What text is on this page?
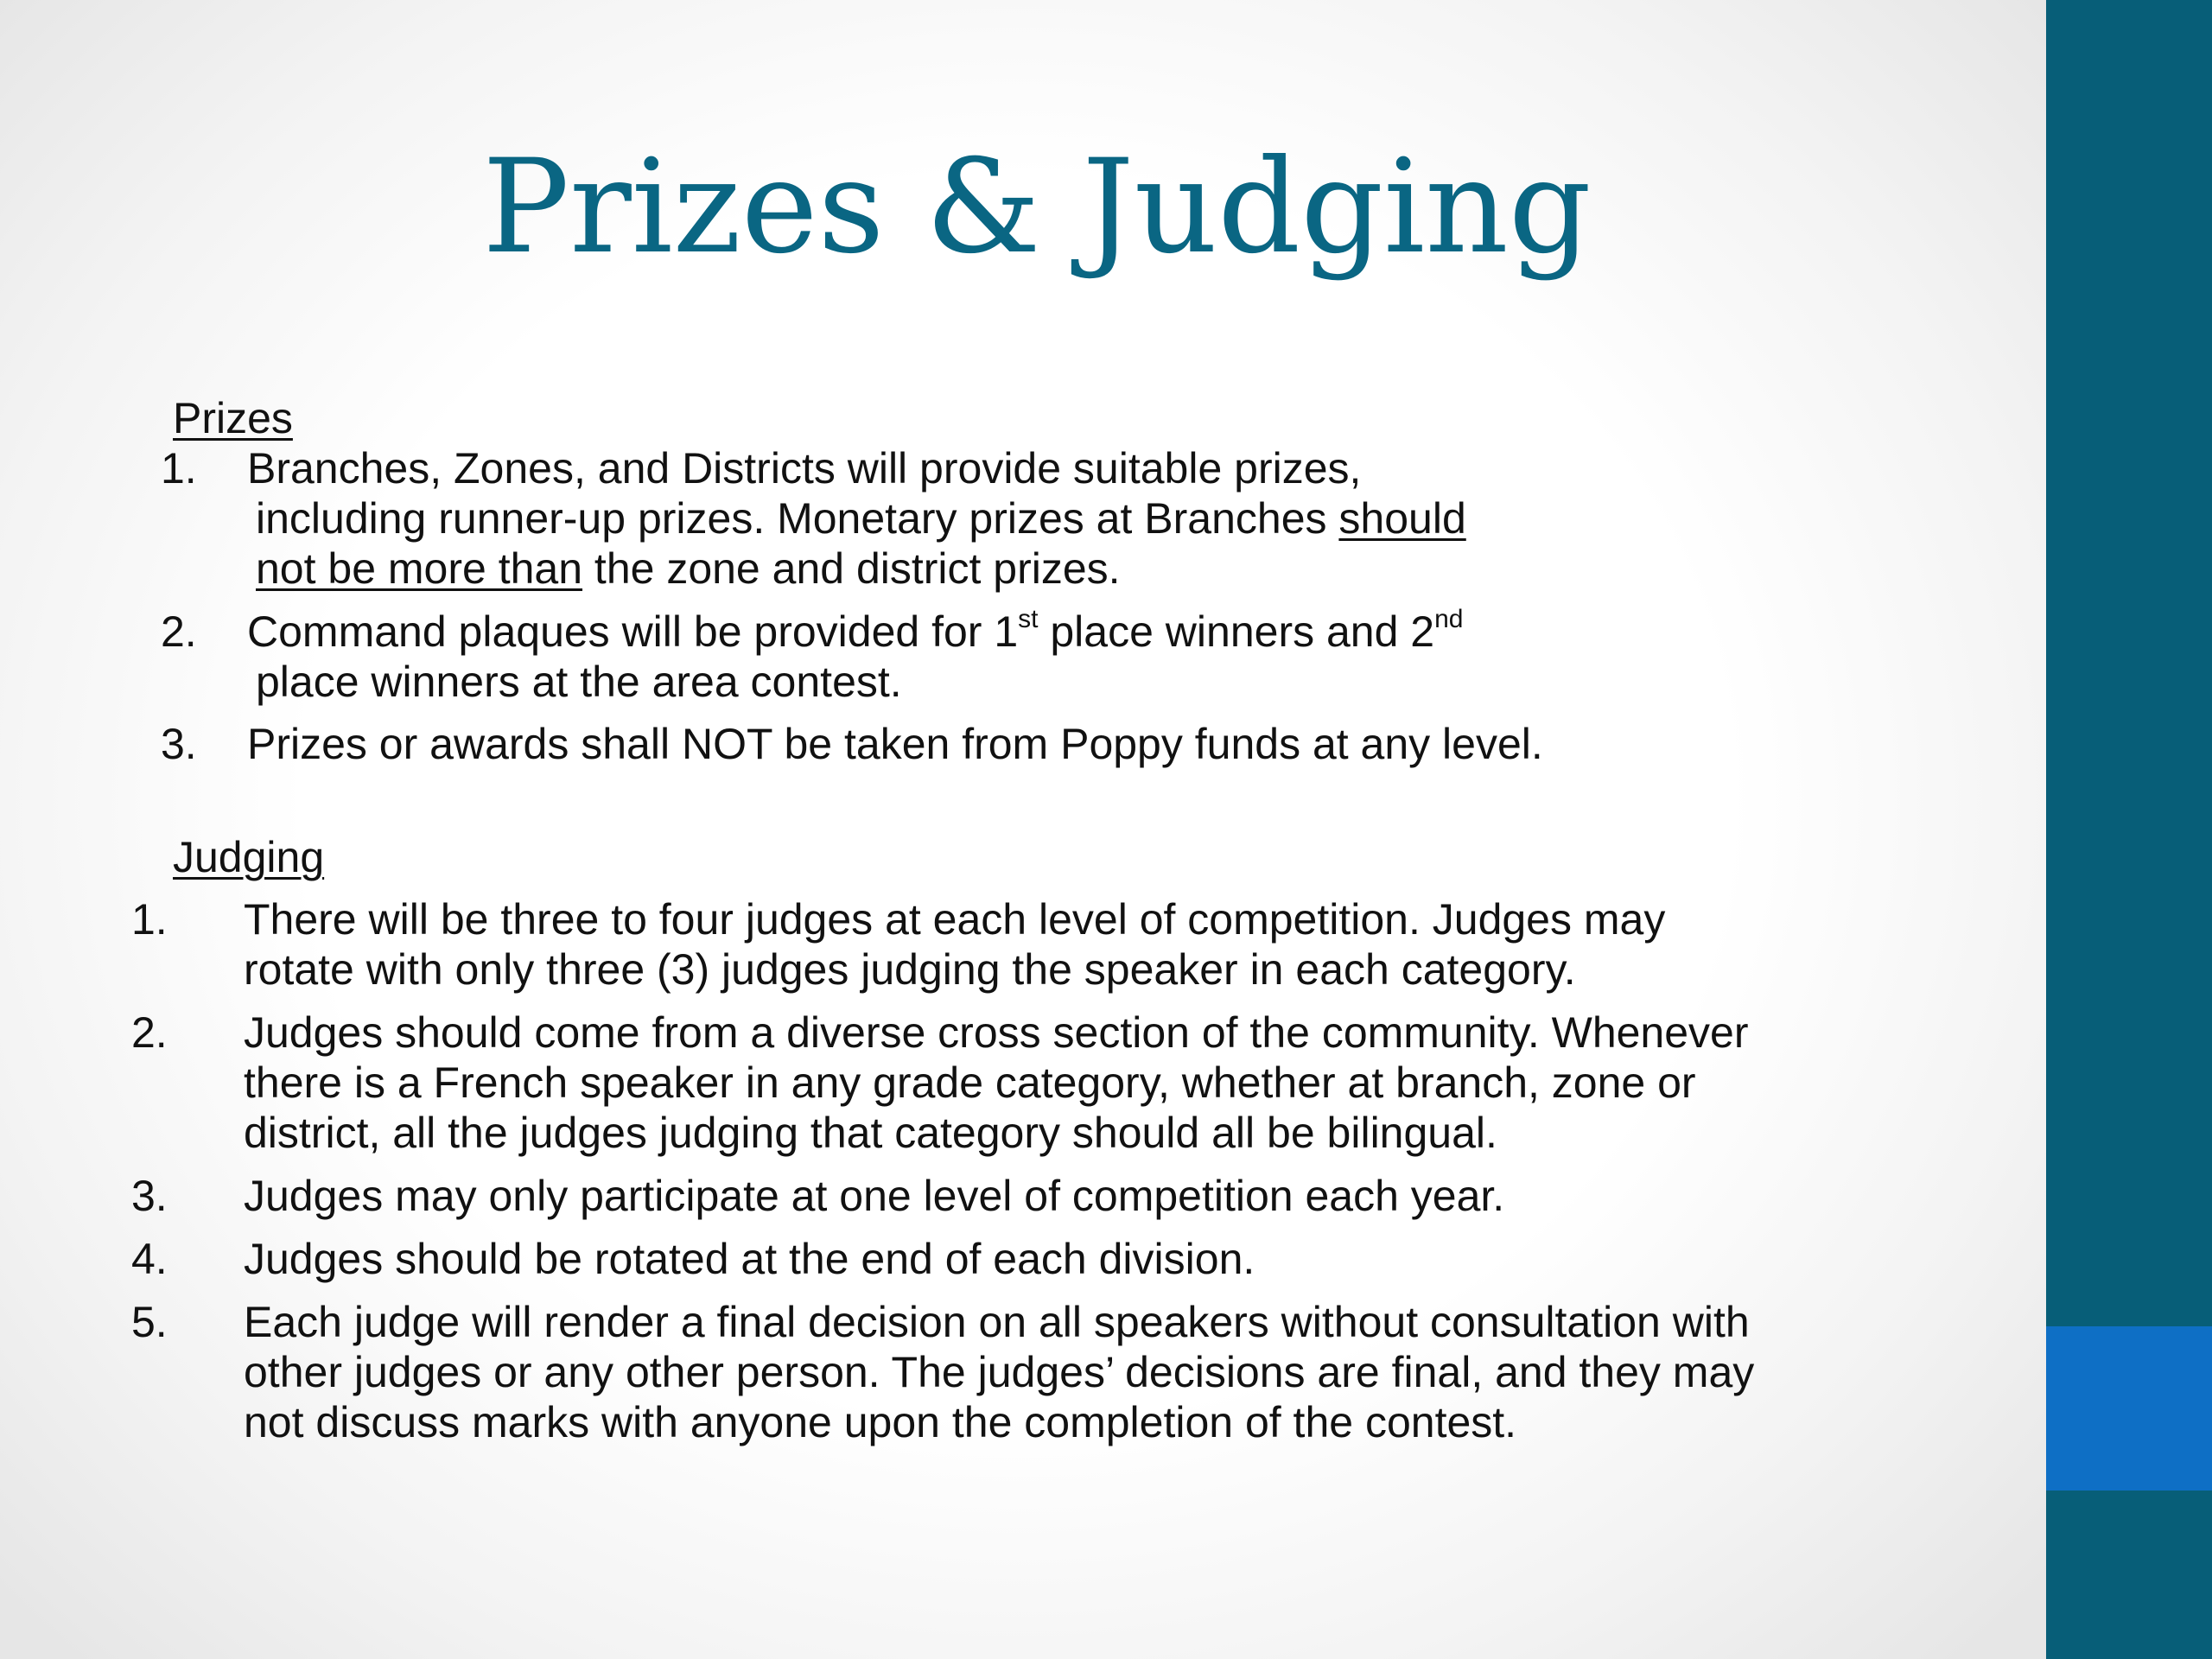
Prizes & Judging
Prizes
1. Branches, Zones, and Districts will provide suitable prizes,
including runner-up prizes. Monetary prizes at Branches should
not be more than the zone and district prizes.
2. Command plaques will be provided for 1st place winners and 2nd
place winners at the area contest.
3. Prizes or awards shall NOT be taken from Poppy funds at any level.
Judging
1. There will be three to four judges at each level of competition. Judges may
rotate with only three (3) judges judging the speaker in each category.
2. Judges should come from a diverse cross section of the community. Whenever
there is a French speaker in any grade category, whether at branch, zone or
district, all the judges judging that category should all be bilingual.
3. Judges may only participate at one level of competition each year.
4. Judges should be rotated at the end of each division.
5. Each judge will render a final decision on all speakers without consultation with
other judges or any other person. The judges’ decisions are final, and they may
not discuss marks with anyone upon the completion of the contest.
